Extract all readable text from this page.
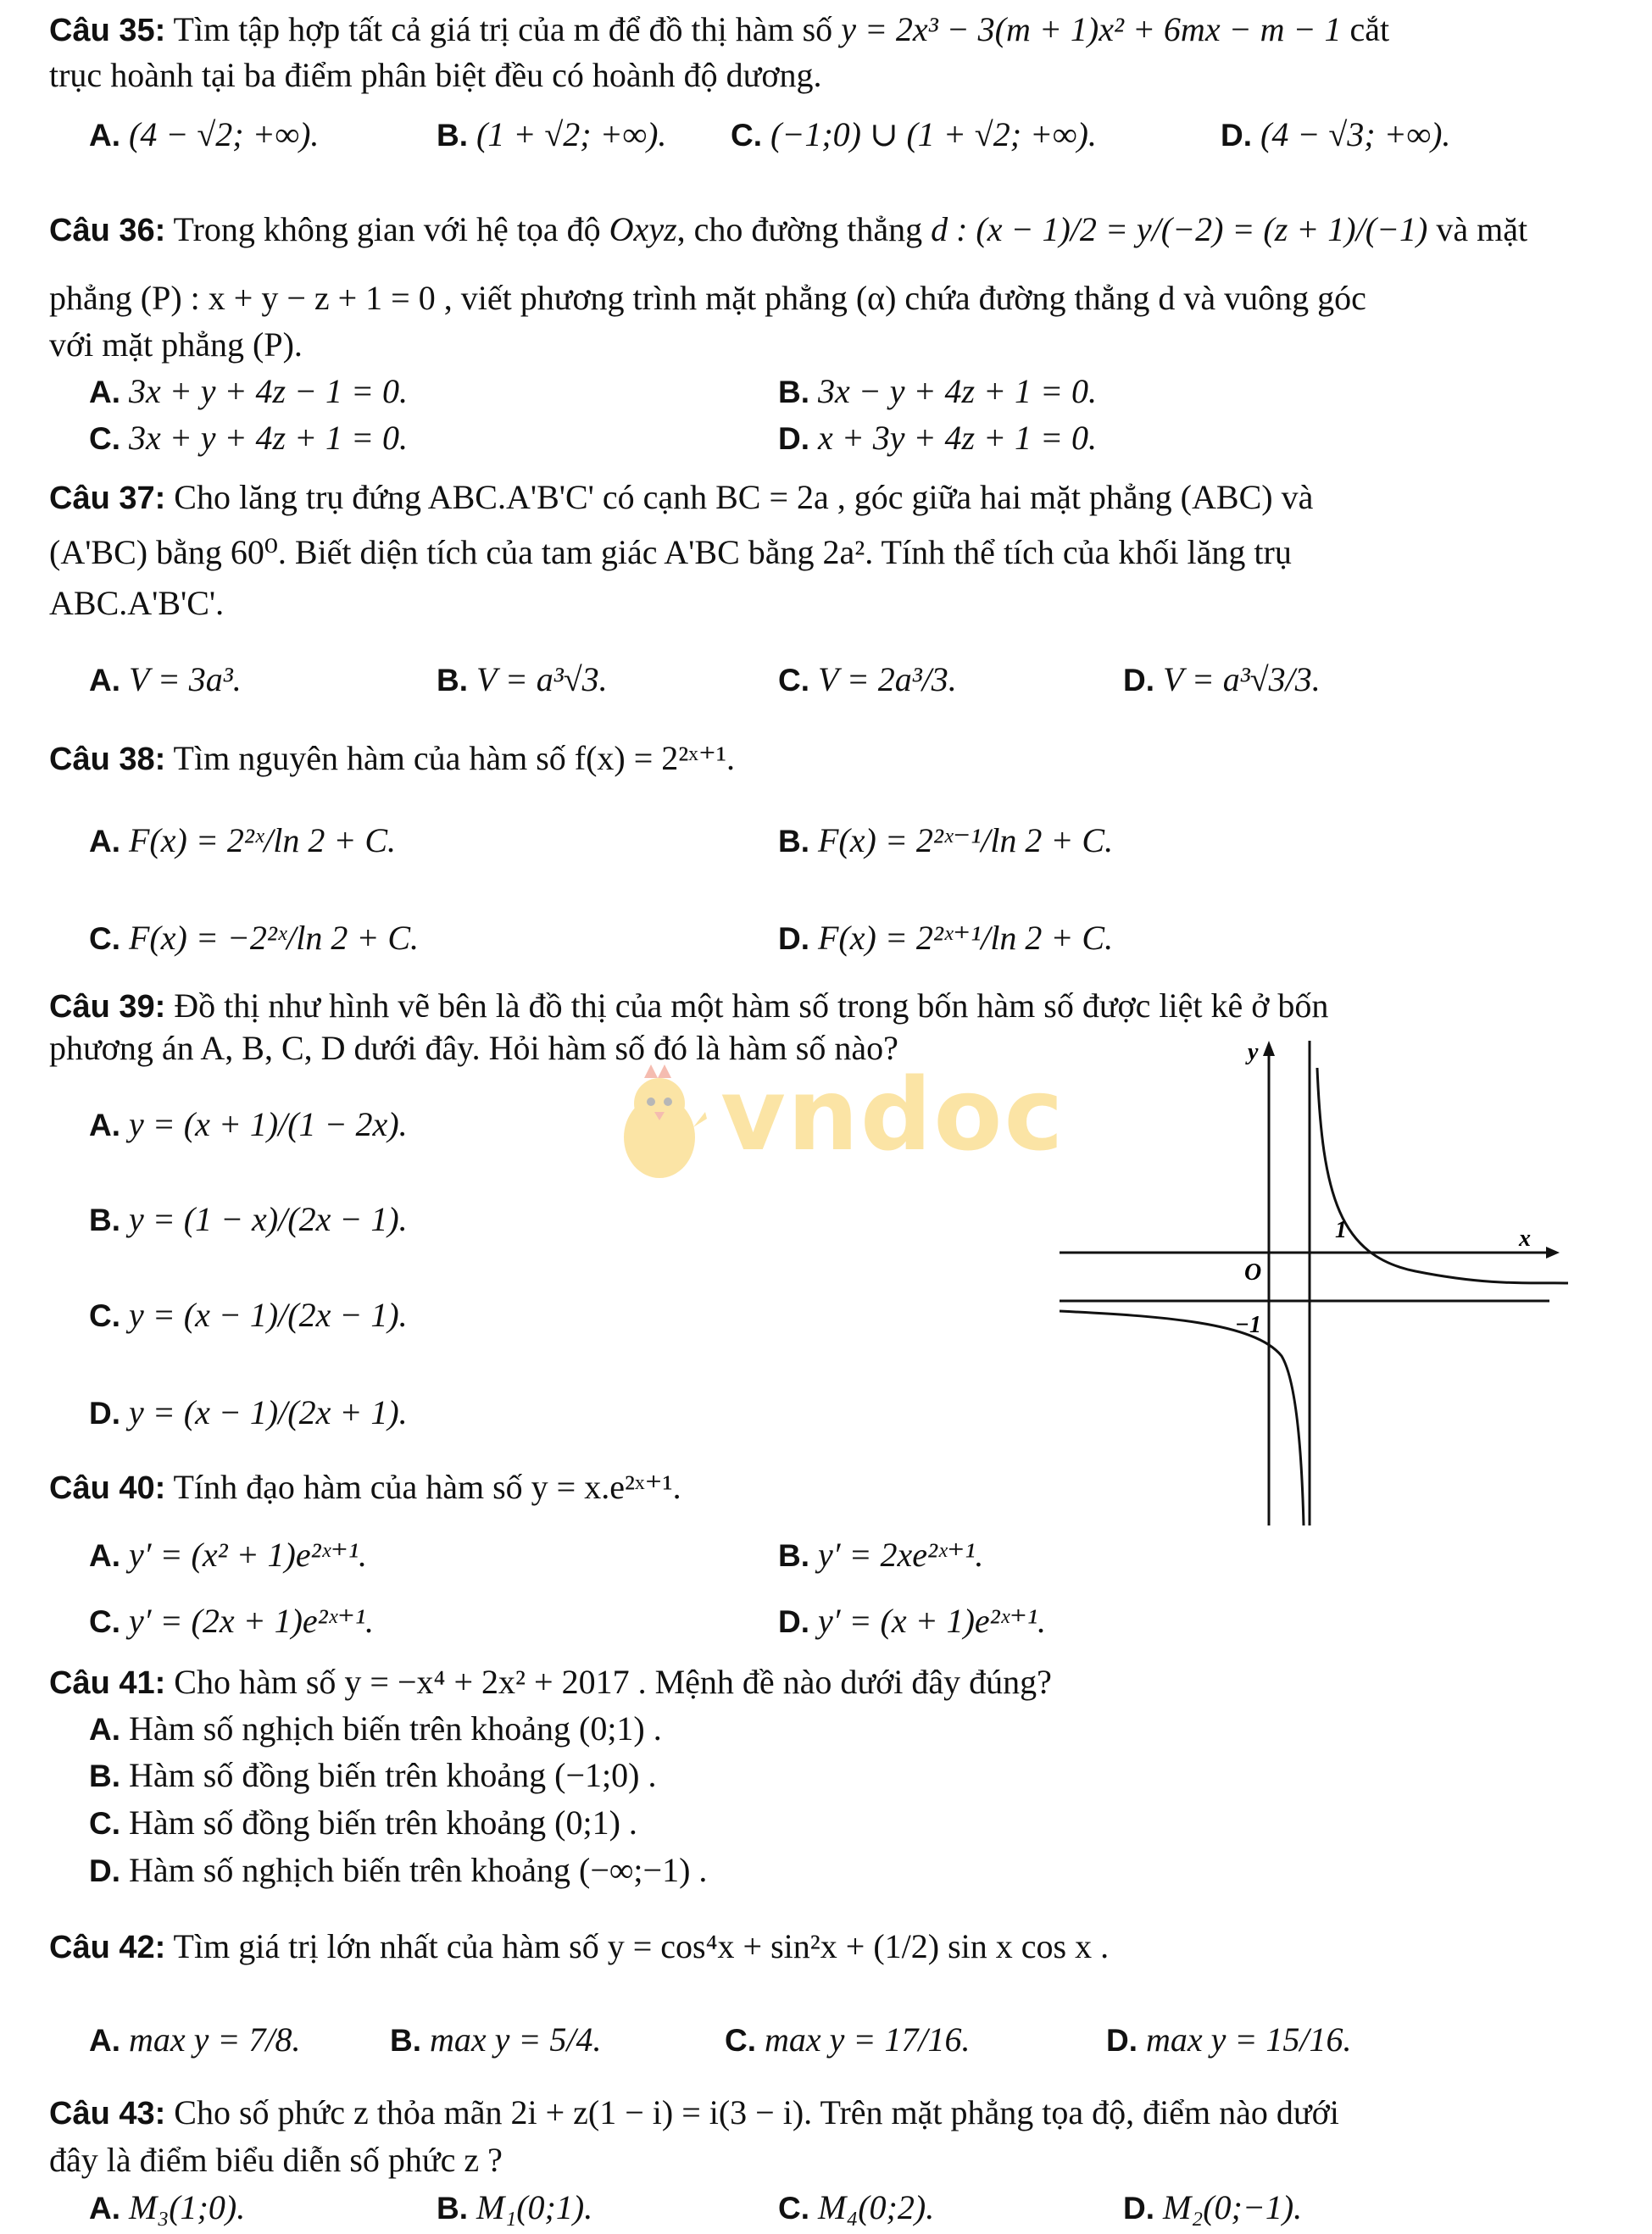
Câu 35: Tìm tập hợp tất cả giá trị của m để đồ thị hàm số y = 2x³ − 3(m + 1)x² + 6mx − m − 1 cắt
trục hoành tại ba điểm phân biệt đều có hoành độ dương.
A. (4 − √2; +∞).	B. (1 + √2; +∞). C. (−1;0) ∪ (1 + √2; +∞).	D. (4 − √3; +∞).
Câu 36: Trong không gian với hệ tọa độ Oxyz, cho đường thẳng d : (x − 1)/2 = y/(−2) = (z + 1)/(−1) và mặt
phẳng (P) : x + y − z + 1 = 0 , viết phương trình mặt phẳng (α) chứa đường thẳng d và vuông góc
với mặt phẳng (P).
A. 3x + y + 4z − 1 = 0.	B. 3x − y + 4z + 1 = 0.
C. 3x + y + 4z + 1 = 0.	D. x + 3y + 4z + 1 = 0.
Câu 37: Cho lăng trụ đứng ABC.A'B'C' có cạnh BC = 2a , góc giữa hai mặt phẳng (ABC) và
(A'BC) bằng 60⁰. Biết diện tích của tam giác A'BC bằng 2a². Tính thể tích của khối lăng trụ
ABC.A'B'C'.
A. V = 3a³.	B. V = a³√3.	C. V = 2a³/3.	D. V = a³√3/3.
Câu 38: Tìm nguyên hàm của hàm số f(x) = 2²ˣ⁺¹.
A. F(x) = 2²ˣ/ln 2 + C.	B. F(x) = 2²ˣ⁻¹/ln 2 + C.
C. F(x) = −2²ˣ/ln 2 + C.	D. F(x) = 2²ˣ⁺¹/ln 2 + C.
Câu 39: Đồ thị như hình vẽ bên là đồ thị của một hàm số trong bốn hàm số được liệt kê ở bốn
phương án A, B, C, D dưới đây. Hỏi hàm số đó là hàm số nào?
A. y = (x + 1)/(1 − 2x).
B. y = (1 − x)/(2x − 1).
C. y = (x − 1)/(2x − 1).
D. y = (x − 1)/(2x + 1).
vndoc
y
x
O
1
−1
Câu 40: Tính đạo hàm của hàm số y = x.e²ˣ⁺¹.
A. y′ = (x² + 1)e²ˣ⁺¹.	B. y′ = 2xe²ˣ⁺¹.
C. y′ = (2x + 1)e²ˣ⁺¹.	D. y′ = (x + 1)e²ˣ⁺¹.
Câu 41: Cho hàm số y = −x⁴ + 2x² + 2017 . Mệnh đề nào dưới đây đúng?
A. Hàm số nghịch biến trên khoảng (0;1) .
B. Hàm số đồng biến trên khoảng (−1;0) .
C. Hàm số đồng biến trên khoảng (0;1) .
D. Hàm số nghịch biến trên khoảng (−∞;−1) .
Câu 42: Tìm giá trị lớn nhất của hàm số y = cos⁴x + sin²x + (1/2) sin x cos x .
A. max y = 7/8.	B. max y = 5/4.	C. max y = 17/16.	D. max y = 15/16.
Câu 43: Cho số phức z thỏa mãn 2i + z(1 − i) = i(3 − i). Trên mặt phẳng tọa độ, điểm nào dưới
đây là điểm biểu diễn số phức z ?
A. M₃(1;0).	B. M₁(0;1).	C. M₄(0;2).	D. M₂(0;−1).
